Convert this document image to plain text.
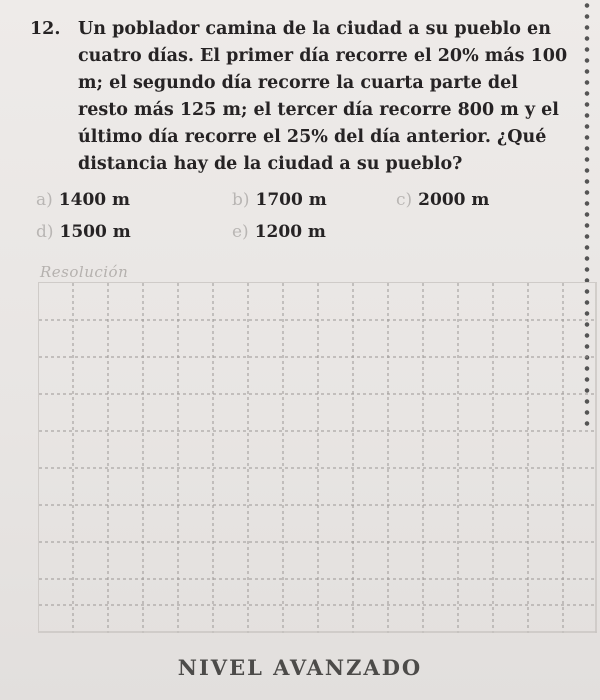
12. Un poblador camina de la ciudad a su pueblo en cuatro días. El primer día recorre el 20% más 100 m; el segundo día recorre la cuarta parte del resto más 125 m; el tercer día recorre 800 m y el último día recorre el 25% del día anterior. ¿Qué distancia hay de la ciudad a su pueblo?
a) 1400 m	b) 1700 m	c) 2000 m
d) 1500 m	e) 1200 m
Resolución
NIVEL AVANZADO
